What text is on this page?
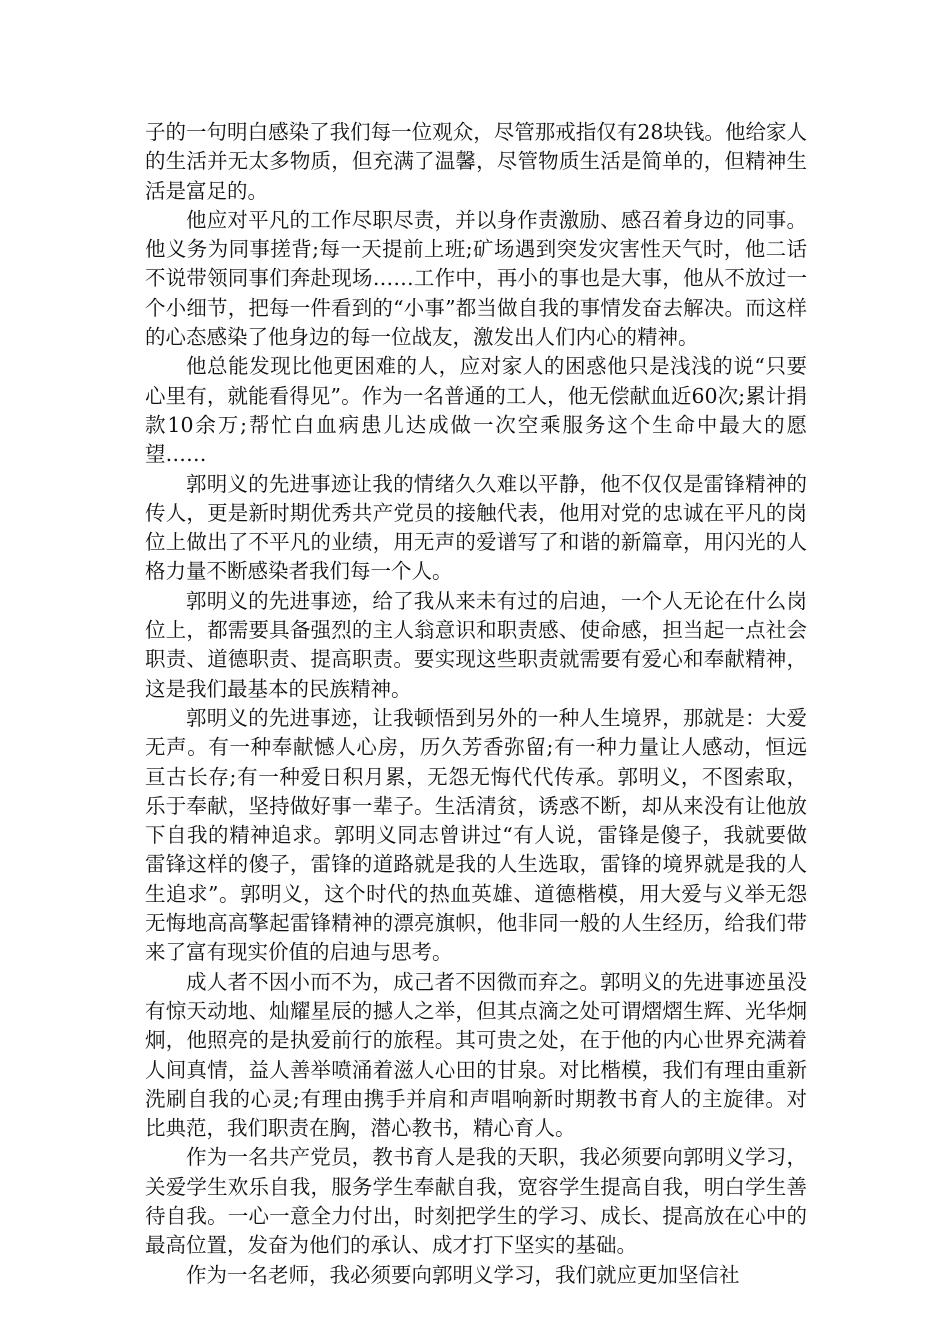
子的一句明白感染了我们每一位观众，尽管那戒指仅有28块钱。他给家人的生活并无太多物质，但充满了温馨，尽管物质生活是简单的，但精神生活是富足的。

他应对平凡的工作尽职尽责，并以身作责激励、感召着身边的同事。他义务为同事搓背;每一天提前上班;矿场遇到突发灾害性天气时，他二话不说带领同事们奔赴现场……工作中，再小的事也是大事，他从不放过一个小细节，把每一件看到的“小事”都当做自我的事情发奋去解决。而这样的心态感染了他身边的每一位战友，激发出人们内心的精神。

他总能发现比他更困难的人，应对家人的困惑他只是浅浅的说“只要心里有，就能看得见”。作为一名普通的工人，他无偿献血近60次;累计捐款10余万;帮忙白血病患儿达成做一次空乘服务这个生命中最大的愿望……

郭明义的先进事迹让我的情绪久久难以平静，他不仅仅是雷锋精神的传人，更是新时期优秀共产党员的接触代表，他用对党的忠诚在平凡的岗位上做出了不平凡的业绩，用无声的爱谱写了和谐的新篇章，用闪光的人格力量不断感染者我们每一个人。

郭明义的先进事迹，给了我从来未有过的启迪，一个人无论在什么岗位上，都需要具备强烈的主人翁意识和职责感、使命感，担当起一点社会职责、道德职责、提高职责。要实现这些职责就需要有爱心和奉献精神，这是我们最基本的民族精神。

郭明义的先进事迹，让我顿悟到另外的一种人生境界，那就是：大爱无声。有一种奉献憾人心房，历久芳香弥留;有一种力量让人感动，恒远亘古长存;有一种爱日积月累，无怨无悔代代传承。郭明义，不图索取，乐于奉献，坚持做好事一辈子。生活清贫，诱惑不断，却从来没有让他放下自我的精神追求。郭明义同志曾讲过“有人说，雷锋是傻子，我就要做雷锋这样的傻子，雷锋的道路就是我的人生选取，雷锋的境界就是我的人生追求”。郭明义，这个时代的热血英雄、道德楷模，用大爱与义举无怨无悔地高高擎起雷锋精神的漂亮旗帜，他非同一般的人生经历，给我们带来了富有现实价值的启迪与思考。

成人者不因小而不为，成己者不因微而弃之。郭明义的先进事迹虽没有惊天动地、灿耀星辰的撼人之举，但其点滴之处可谓熠熠生辉、光华炯炯，他照亮的是执爱前行的旅程。其可贵之处，在于他的内心世界充满着人间真情，益人善举喷涌着滋人心田的甘泉。对比楷模，我们有理由重新洗刷自我的心灵;有理由携手并肩和声唱响新时期教书育人的主旋律。对比典范，我们职责在胸，潜心教书，精心育人。

作为一名共产党员，教书育人是我的天职，我必须要向郭明义学习，关爱学生欢乐自我，服务学生奉献自我，宽容学生提高自我，明白学生善待自我。一心一意全力付出，时刻把学生的学习、成长、提高放在心中的最高位置，发奋为他们的承认、成才打下坚实的基础。

作为一名老师，我必须要向郭明义学习，我们就应更加坚信社
